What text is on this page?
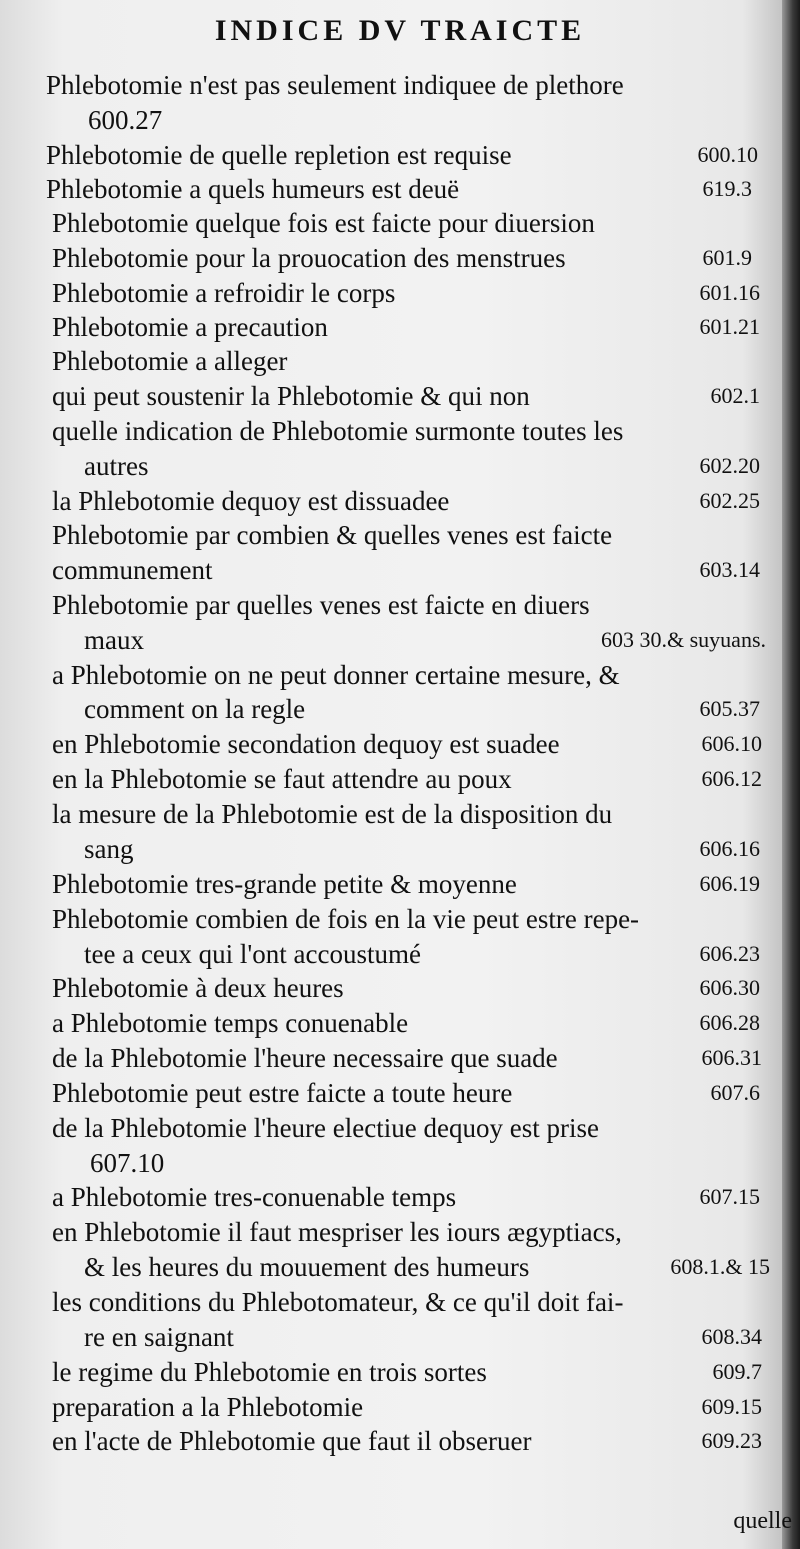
INDICE DV TRAICTE
Phlebotomie n'est pas seulement indiquee de plethore
600.27
Phlebotomie de quelle repletion est requise	600.10
Phlebotomie a quels humeurs est deuë	619.3
Phlebotomie quelque fois est faicte pour diuersion
Phlebotomie pour la prouocation des menstrues	601.9
Phlebotomie a refroidir le corps	601.16
Phlebotomie a precaution	601.21
Phlebotomie a alleger
qui peut soustenir la Phlebotomie & qui non	602.1
quelle indication de Phlebotomie surmonte toutes les
autres	602.20
la Phlebotomie dequoy est dissuadee	602.25
Phlebotomie par combien & quelles venes est faicte
communement	603.14
Phlebotomie par quelles venes est faicte en diuers
maux	603 30.& suyuans.
a Phlebotomie on ne peut donner certaine mesure, &
comment on la regle	605.37
en Phlebotomie secondation dequoy est suadee	606.10
en la Phlebotomie se faut attendre au poux	606.12
la mesure de la Phlebotomie est de la disposition du
sang	606.16
Phlebotomie tres-grande petite & moyenne	606.19
Phlebotomie combien de fois en la vie peut estre repe-
tee a ceux qui l'ont accoustumé	606.23
Phlebotomie à deux heures	606.30
a Phlebotomie temps conuenable	606.28
de la Phlebotomie l'heure necessaire que suade	606.31
Phlebotomie peut estre faicte a toute heure	607.6
de la Phlebotomie l'heure electiue dequoy est prise
607.10
a Phlebotomie tres-conuenable temps	607.15
en Phlebotomie il faut mespriser les iours ægyptiacs,
& les heures du mouuement des humeurs	608.1.& 15
les conditions du Phlebotomateur, & ce qu'il doit fai-
re en saignant	608.34
le regime du Phlebotomie en trois sortes	609.7
preparation a la Phlebotomie	609.15
en l'acte de Phlebotomie que faut il obseruer	609.23
quelle
